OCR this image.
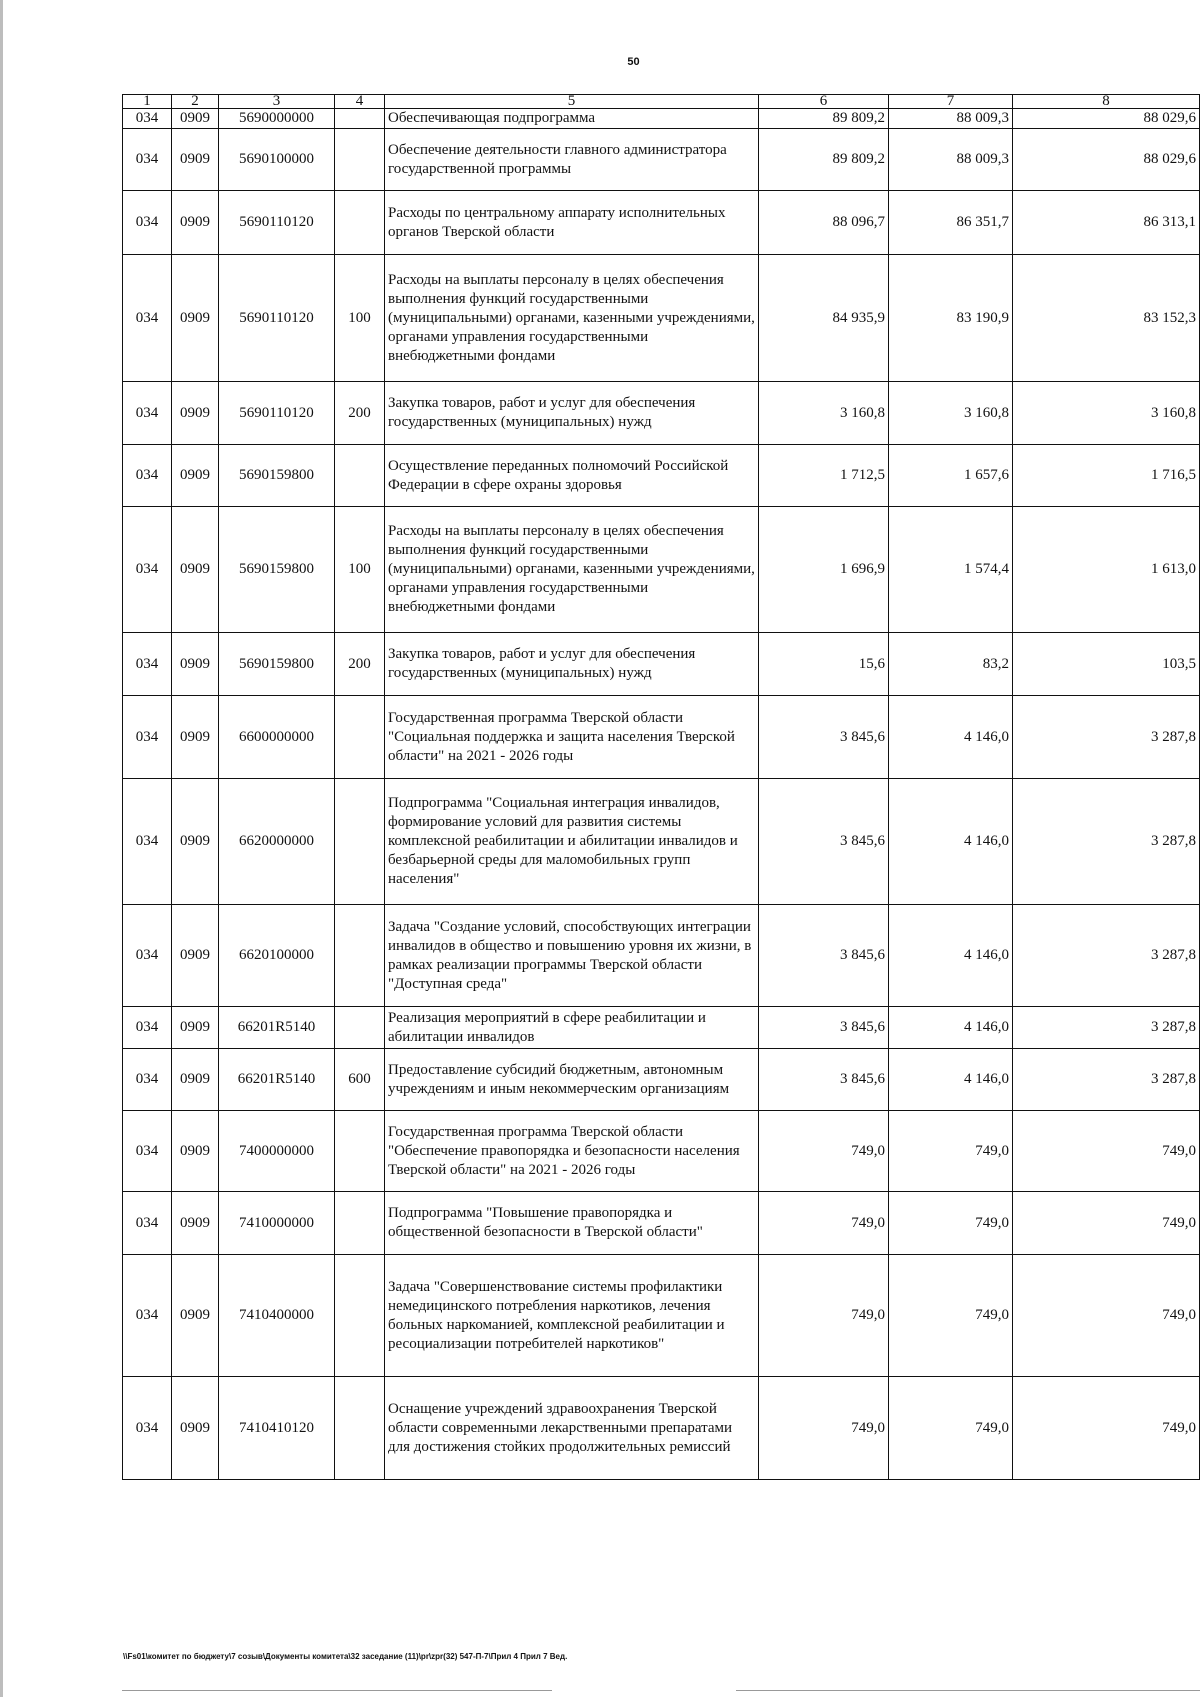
50
1	2	3	4	5	6	7	8
034	0909	5690000000		Обеспечивающая подпрограмма	89 809,2	88 009,3	88 029,6
034	0909	5690100000		Обеспечение деятельности главного администратора государственной программы	89 809,2	88 009,3	88 029,6
034	0909	5690110120		Расходы по центральному аппарату исполнительных органов Тверской области	88 096,7	86 351,7	86 313,1
034	0909	5690110120	100	Расходы на выплаты персоналу в целях обеспечения выполнения функций государственными (муниципальными) органами, казенными учреждениями, органами управления государственными внебюджетными фондами	84 935,9	83 190,9	83 152,3
034	0909	5690110120	200	Закупка товаров, работ и услуг для обеспечения государственных (муниципальных) нужд	3 160,8	3 160,8	3 160,8
034	0909	5690159800		Осуществление переданных полномочий Российской Федерации в сфере охраны здоровья	1 712,5	1 657,6	1 716,5
034	0909	5690159800	100	Расходы на выплаты персоналу в целях обеспечения выполнения функций государственными (муниципальными) органами, казенными учреждениями, органами управления государственными внебюджетными фондами	1 696,9	1 574,4	1 613,0
034	0909	5690159800	200	Закупка товаров, работ и услуг для обеспечения государственных (муниципальных) нужд	15,6	83,2	103,5
034	0909	6600000000		Государственная программа Тверской области "Социальная поддержка и защита населения Тверской области" на 2021 - 2026 годы	3 845,6	4 146,0	3 287,8
034	0909	6620000000		Подпрограмма "Социальная интеграция инвалидов, формирование условий для развития системы комплексной реабилитации и абилитации инвалидов и безбарьерной среды для маломобильных групп населения"	3 845,6	4 146,0	3 287,8
034	0909	6620100000		Задача "Создание условий, способствующих интеграции инвалидов в общество и повышению уровня их жизни, в рамках реализации программы Тверской области "Доступная среда"	3 845,6	4 146,0	3 287,8
034	0909	66201R5140		Реализация мероприятий в сфере реабилитации и абилитации инвалидов	3 845,6	4 146,0	3 287,8
034	0909	66201R5140	600	Предоставление субсидий бюджетным, автономным учреждениям и иным некоммерческим организациям	3 845,6	4 146,0	3 287,8
034	0909	7400000000		Государственная программа Тверской области "Обеспечение правопорядка и безопасности населения Тверской области" на 2021 - 2026 годы	749,0	749,0	749,0
034	0909	7410000000		Подпрограмма "Повышение правопорядка и общественной безопасности в Тверской области"	749,0	749,0	749,0
034	0909	7410400000		Задача "Совершенствование системы профилактики немедицинского потребления наркотиков, лечения больных наркоманией, комплексной реабилитации и ресоциализации потребителей наркотиков"	749,0	749,0	749,0
034	0909	7410410120		Оснащение учреждений здравоохранения Тверской области современными лекарственными препаратами для достижения стойких продолжительных ремиссий	749,0	749,0	749,0
\\Fs01\комитет по бюджету\7 созыв\Документы комитета\32 заседание (11)\pr\zpr(32) 547-П-7\Прил 4 Прил 7 Вед.
